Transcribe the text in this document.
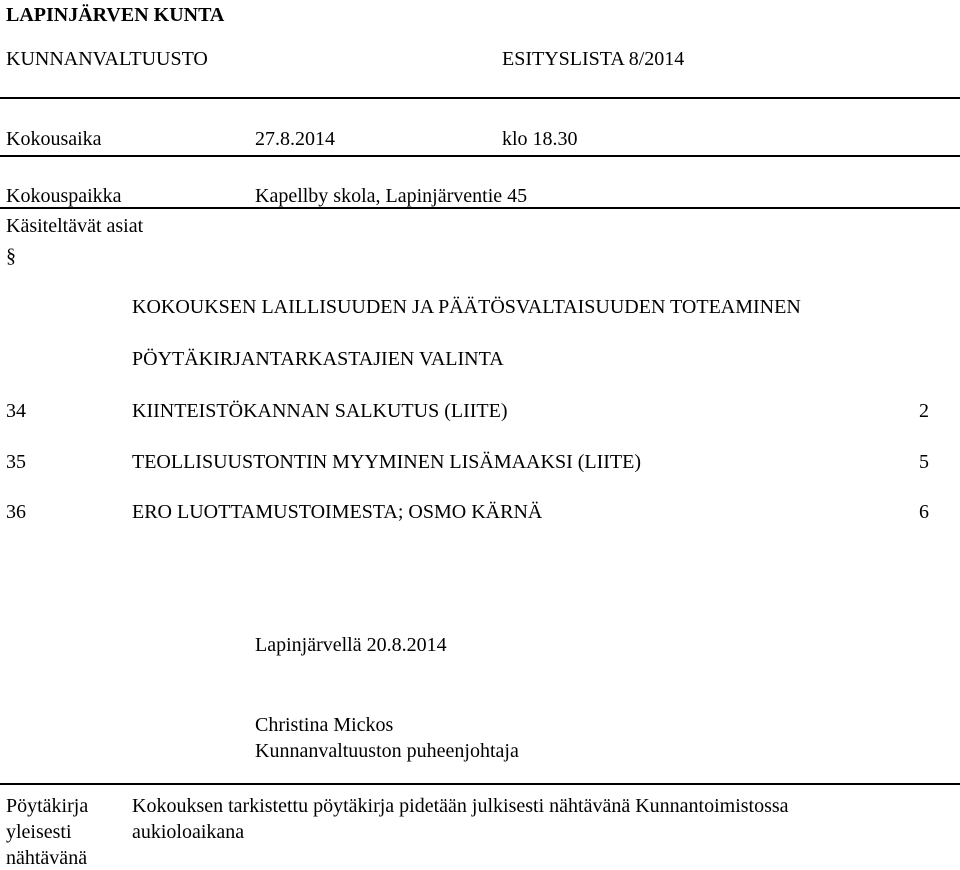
LAPINJÄRVEN KUNTA
KUNNANVALTUUSTO	ESITYSLISTA 8/2014
Kokousaika	27.8.2014	klo 18.30
Kokouspaikka	Kapellby skola, Lapinjärventie 45
Käsiteltävät asiat
§
KOKOUKSEN LAILLISUUDEN JA PÄÄTÖSVALTAISUUDEN TOTEAMINEN
PÖYTÄKIRJANTARKASTAJIEN VALINTA
34	KIINTEISTÖKANNAN SALKUTUS (LIITE)	2
35	TEOLLISUUSTONTIN MYYMINEN LISÄMAAKSI (LIITE)	5
36	ERO LUOTTAMUSTOIMESTA; OSMO KÄRNÄ	6
Lapinjärvellä 20.8.2014
Christina Mickos
Kunnanvaltuuston puheenjohtaja
Pöytäkirja
yleisesti
nähtävänä
Kokouksen tarkistettu pöytäkirja pidetään julkisesti nähtävänä Kunnantoimistossa
aukioloaikana
